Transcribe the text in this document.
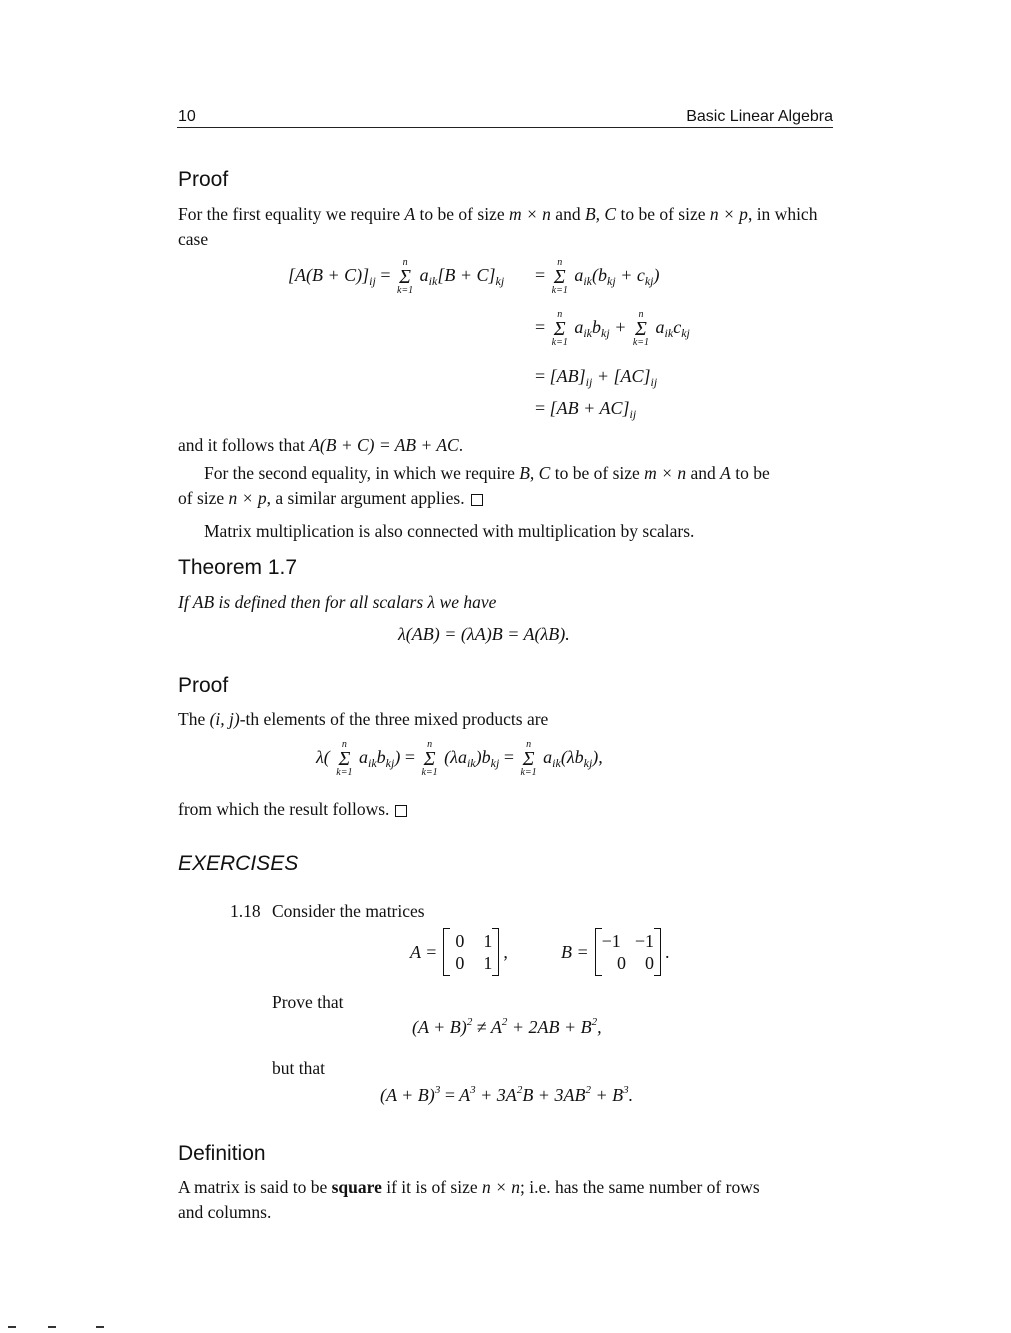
10	Basic Linear Algebra
Proof
For the first equality we require A to be of size m × n and B, C to be of size n × p, in which case
$[A(B + C)]_{ij}$ =
n
Σ
k=1
$a_{ik}[B + C]_{kj}$ =
n
Σ
k=1
$a_{ik}(b_{kj} + c_{kj})$
=
n
Σ
k=1
$a_{ik}b_{kj}$ +
n
Σ
k=1
$a_{ik}c_{kj}$
= $[AB]_{ij} + [AC]_{ij}$
= $[AB + AC]_{ij}$
and it follows that A(B + C) = AB + AC.
For the second equality, in which we require B, C to be of size m × n and A to be
of size n × p, a similar argument applies.
Matrix multiplication is also connected with multiplication by scalars.
Theorem 1.7
If AB is defined then for all scalars λ we have
λ(AB) = (λA)B = A(λB).
Proof
The (i, j)-th elements of the three mixed products are
λ(
n
Σ
k=1
$a_{ik}b_{kj}$) =
n
Σ
k=1
$(\lambda a_{ik})b_{kj}$ =
n
Σ
k=1
$a_{ik}(\lambda b_{kj})$,
from which the result follows.
EXERCISES
1.18 Consider the matrices
A =
0 1
0 1
,	B =
−1 −1
0 0
.
Prove that
$(A + B)^2 \ne A^2 + 2AB + B^2$,
but that
$(A + B)^3 = A^3 + 3A^2B + 3AB^2 + B^3$.
Definition
A matrix is said to be square if it is of size n × n; i.e. has the same number of rows
and columns.
